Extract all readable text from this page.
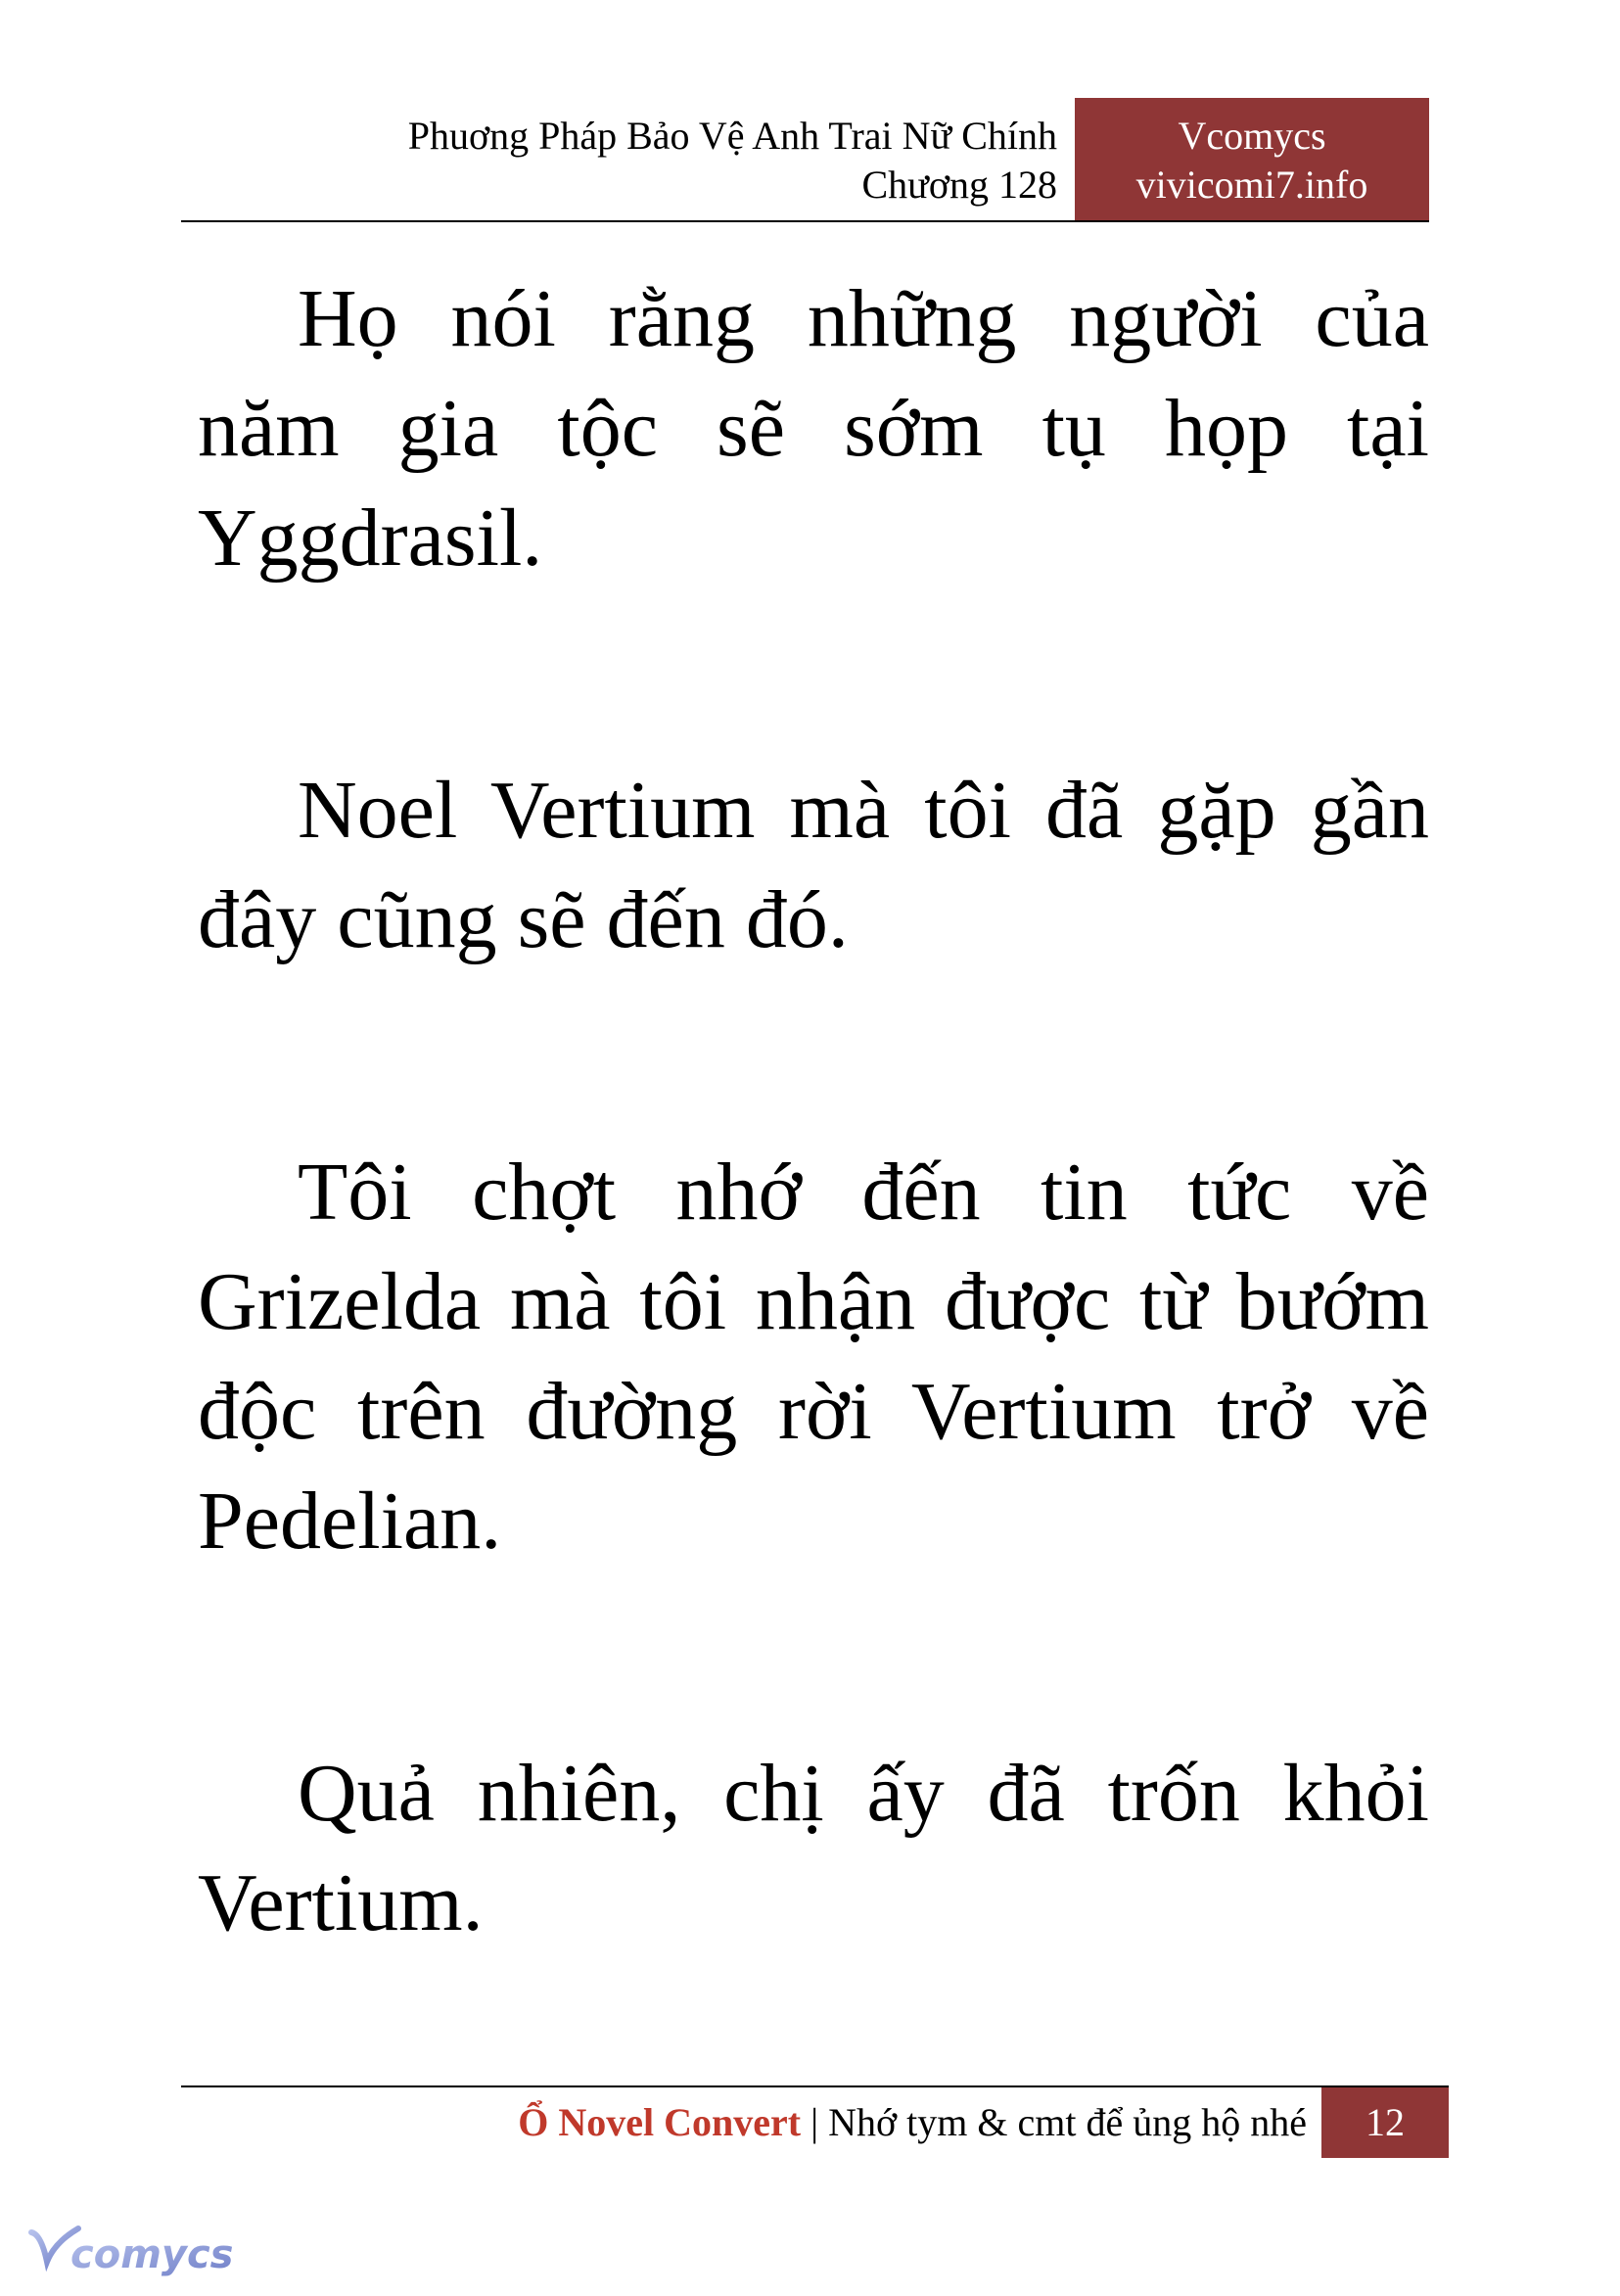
Phuơng Pháp Bảo Vệ Anh Trai Nữ Chính
Chương 128
Vcomycs
vivicomi7.info

Họ nói rằng những người của năm gia tộc sẽ sớm tụ họp tại Yggdrasil.

Noel Vertium mà tôi đã gặp gần đây cũng sẽ đến đó.

Tôi chợt nhớ đến tin tức về Grizelda mà tôi nhận được từ bướm độc trên đường rời Vertium trở về Pedelian.

Quả nhiên, chị ấy đã trốn khỏi Vertium.

Ổ Novel Convert | Nhớ tym & cmt để ủng hộ nhé	12
comycs
